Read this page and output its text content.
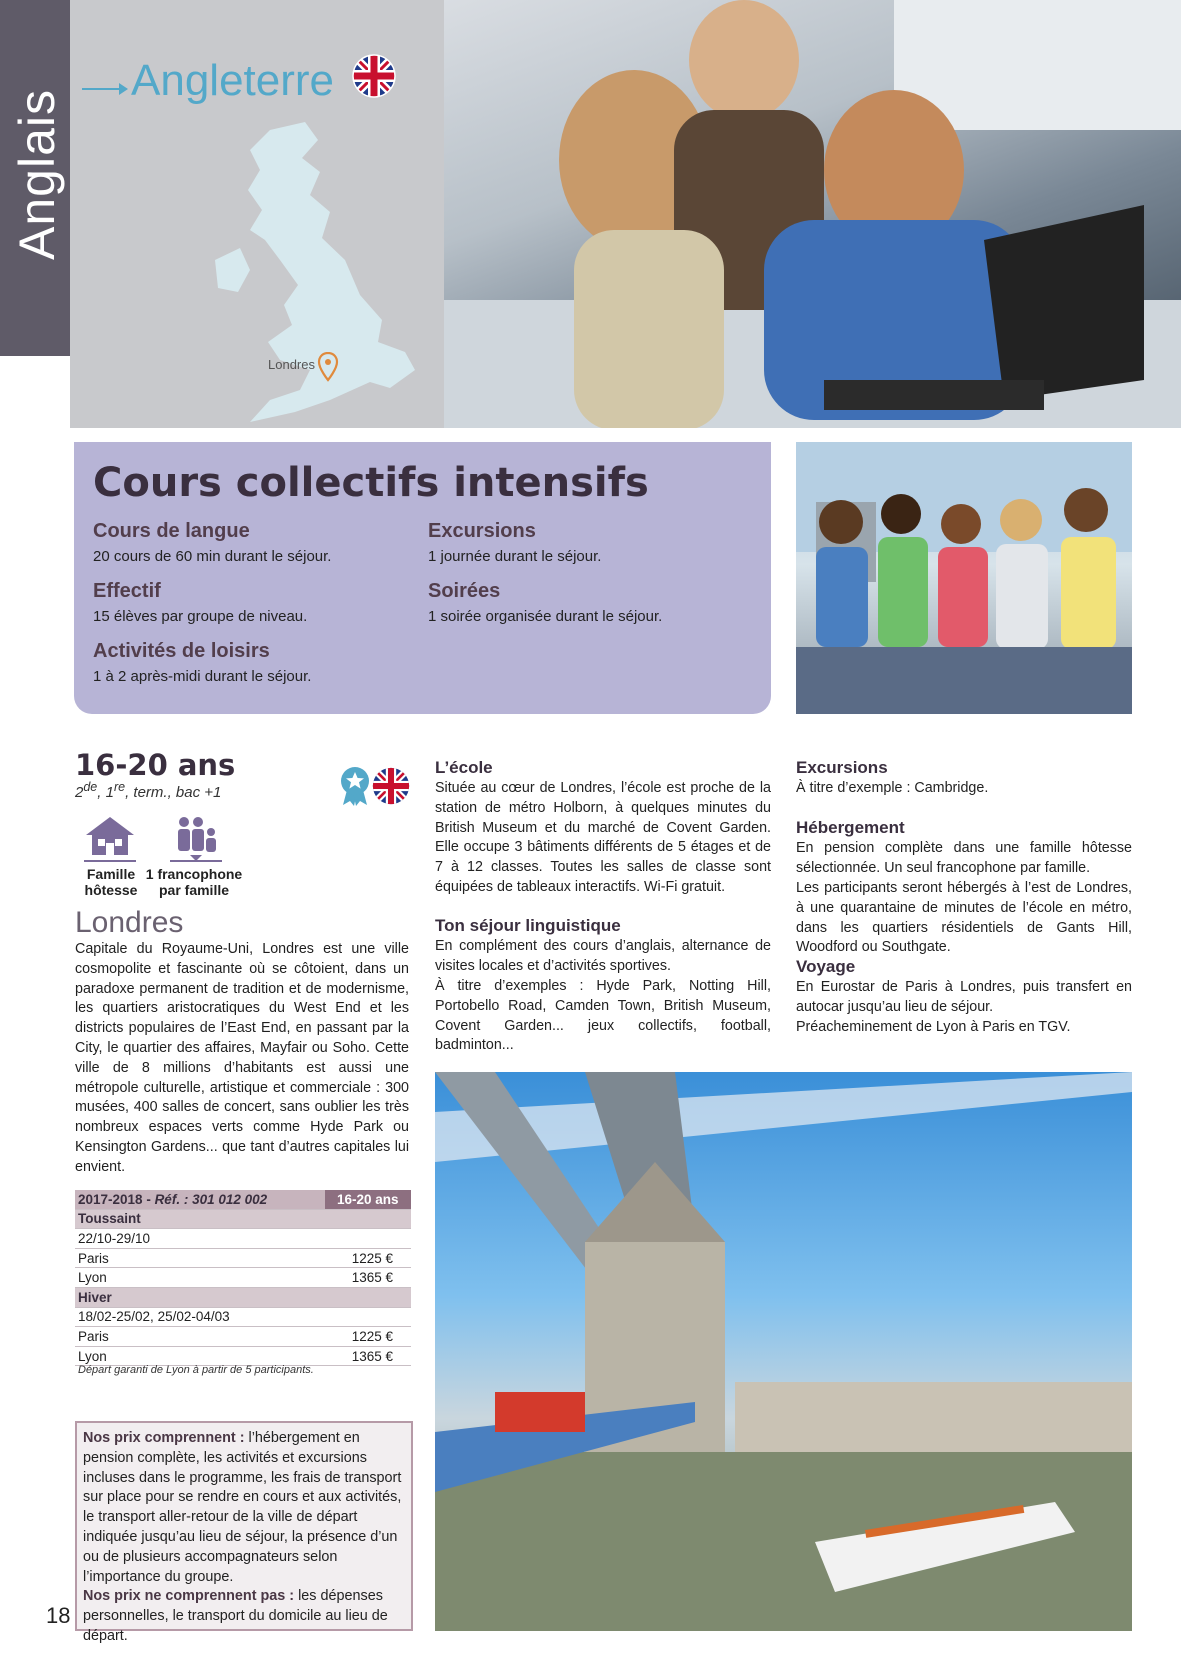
Anglais
Angleterre
Londres
Cours collectifs intensifs
Cours de langue
20 cours de 60 min durant le séjour.
Effectif
15 élèves par groupe de niveau.
Activités de loisirs
1 à 2 après-midi durant le séjour.
Excursions
1 journée durant le séjour.
Soirées
1 soirée organisée durant le séjour.
16-20 ans
2de, 1re, term., bac +1
Famille
hôtesse
1 francophone
par famille
Londres
Capitale du Royaume-Uni, Londres est une ville cosmopolite et fascinante où se côtoient, dans un paradoxe permanent de tradition et de modernisme, les quartiers aristocratiques du West End et les districts populaires de l’East End, en passant par la City, le quartier des affaires, Mayfair ou Soho. Cette ville de 8 millions d’habitants est aussi une métropole culturelle, artistique et commerciale : 300 musées, 400 salles de concert, sans oublier les très nombreux espaces verts comme Hyde Park ou Kensington Gardens... que tant d’autres capitales lui envient.
L’école
Située au cœur de Londres, l’école est proche de la station de métro Holborn, à quelques minutes du British Museum et du marché de Covent Garden. Elle occupe 3 bâtiments différents de 5 étages et de 7 à 12 classes. Toutes les salles de classe sont équipées de tableaux interactifs. Wi-Fi gratuit.
Ton séjour linguistique
En complément des cours d’anglais, alternance de visites locales et d’activités sportives.
À titre d’exemples : Hyde Park, Notting Hill, Portobello Road, Camden Town, British Museum, Covent Garden... jeux collectifs, football, badminton...
Excursions
À titre d’exemple : Cambridge.
Hébergement
En pension complète dans une famille hôtesse sélectionnée. Un seul francophone par famille.
Les participants seront hébergés à l’est de Londres, à une quarantaine de minutes de l’école en métro, dans les quartiers résidentiels de Gants Hill, Woodford ou Southgate.
Voyage
En Eurostar de Paris à Londres, puis transfert en autocar jusqu’au lieu de séjour.
Préacheminement de Lyon à Paris en TGV.
2017-2018 - Réf. : 301 012 002	16-20 ans
Toussaint	
22/10-29/10	
Paris	1225 €
Lyon	1365 €
Hiver	
18/02-25/02, 25/02-04/03	
Paris	1225 €
Lyon	1365 €
Départ garanti de Lyon à partir de 5 participants.
Nos prix comprennent : l’hébergement en pension complète, les activités et excursions incluses dans le programme, les frais de transport sur place pour se rendre en cours et aux activités, le transport aller-retour de la ville de départ indiquée jusqu’au lieu de séjour, la présence d’un ou de plusieurs accompagnateurs selon l’importance du groupe.
Nos prix ne comprennent pas : les dépenses personnelles, le transport du domicile au lieu de départ.
18
